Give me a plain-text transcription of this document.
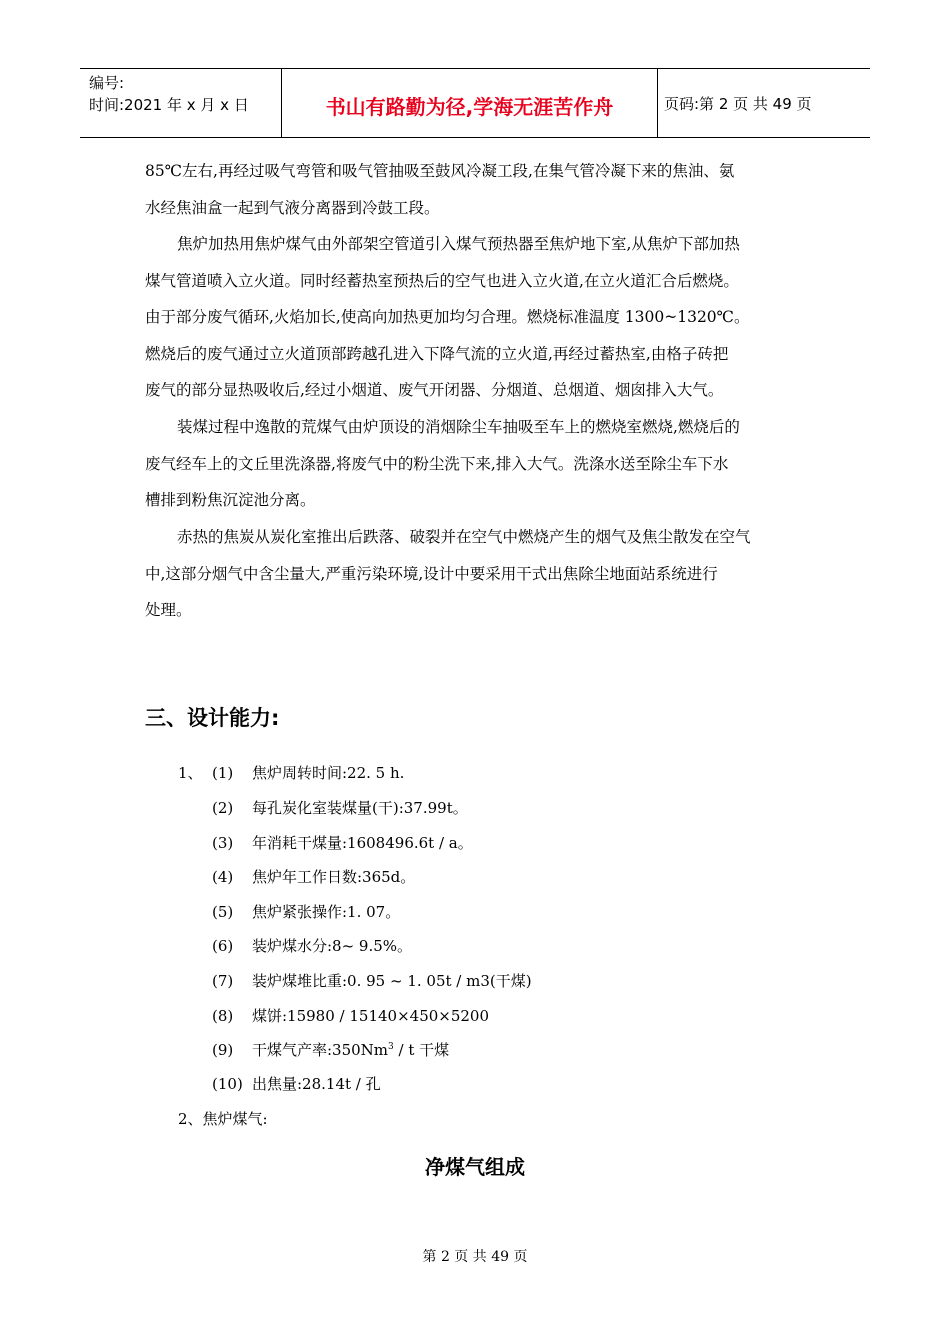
编号:
时间:2021 年 x 月 x 日	书山有路勤为径,学海无涯苦作舟	页码:第 2 页 共 49 页
85℃左右,再经过吸气弯管和吸气管抽吸至鼓风冷凝工段,在集气管冷凝下来的焦油、氨
水经焦油盒一起到气液分离器到冷鼓工段。
焦炉加热用焦炉煤气由外部架空管道引入煤气预热器至焦炉地下室,从焦炉下部加热
煤气管道喷入立火道。同时经蓄热室预热后的空气也进入立火道,在立火道汇合后燃烧。
由于部分废气循环,火焰加长,使高向加热更加均匀合理。燃烧标准温度 1300~1320℃。
燃烧后的废气通过立火道顶部跨越孔进入下降气流的立火道,再经过蓄热室,由格子砖把
废气的部分显热吸收后,经过小烟道、废气开闭器、分烟道、总烟道、烟囱排入大气。
装煤过程中逸散的荒煤气由炉顶设的消烟除尘车抽吸至车上的燃烧室燃烧,燃烧后的
废气经车上的文丘里洗涤器,将废气中的粉尘洗下来,排入大气。洗涤水送至除尘车下水
槽排到粉焦沉淀池分离。
赤热的焦炭从炭化室推出后跌落、破裂并在空气中燃烧产生的烟气及焦尘散发在空气
中,这部分烟气中含尘量大,严重污染环境,设计中要采用干式出焦除尘地面站系统进行
处理。
三、设计能力:
1、 (1) 焦炉周转时间:22. 5 h.
(2) 每孔炭化室装煤量(干):37.99t。
(3) 年消耗干煤量:1608496.6t / a。
(4) 焦炉年工作日数:365d。
(5) 焦炉紧张操作:1. 07。
(6) 装炉煤水分:8~ 9.5%。
(7) 装炉煤堆比重:0. 95 ~ 1. 05t / m3(干煤)
(8) 煤饼:15980 / 15140×450×5200
(9) 干煤气产率:350Nm$^3$ / t 干煤
(10) 出焦量:28.14t / 孔
2、焦炉煤气:
净煤气组成
第 2 页 共 49 页
